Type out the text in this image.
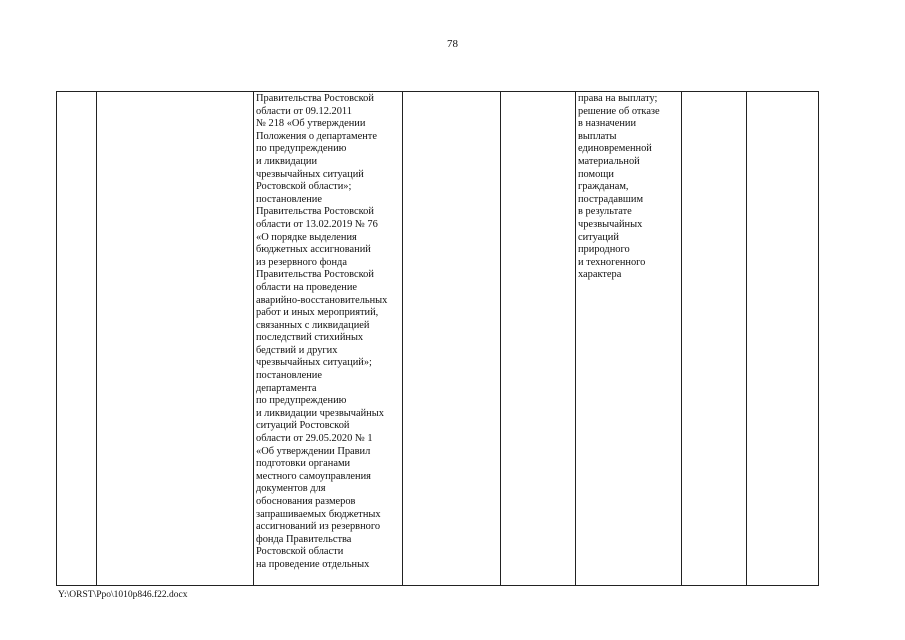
78
Правительства Ростовской
области от 09.12.2011
№ 218 «Об утверждении
Положения о департаменте
по предупреждению
и ликвидации
чрезвычайных ситуаций
Ростовской области»;
постановление
Правительства Ростовской
области от 13.02.2019 № 76
«О порядке выделения
бюджетных ассигнований
из резервного фонда
Правительства Ростовской
области на проведение
аварийно-восстановительных
работ и иных мероприятий,
связанных с ликвидацией
последствий стихийных
бедствий и других
чрезвычайных ситуаций»;
постановление
департамента
по предупреждению
и ликвидации чрезвычайных
ситуаций Ростовской
области от 29.05.2020 № 1
«Об утверждении Правил
подготовки органами
местного самоуправления
документов для
обоснования размеров
запрашиваемых бюджетных
ассигнований из резервного
фонда Правительства
Ростовской области
на проведение отдельных
права на выплату;
решение об отказе
в назначении
выплаты
единовременной
материальной
помощи
гражданам,
пострадавшим
в результате
чрезвычайных
ситуаций
природного
и техногенного
характера
Y:\ORST\Ppo\1010p846.f22.docx
